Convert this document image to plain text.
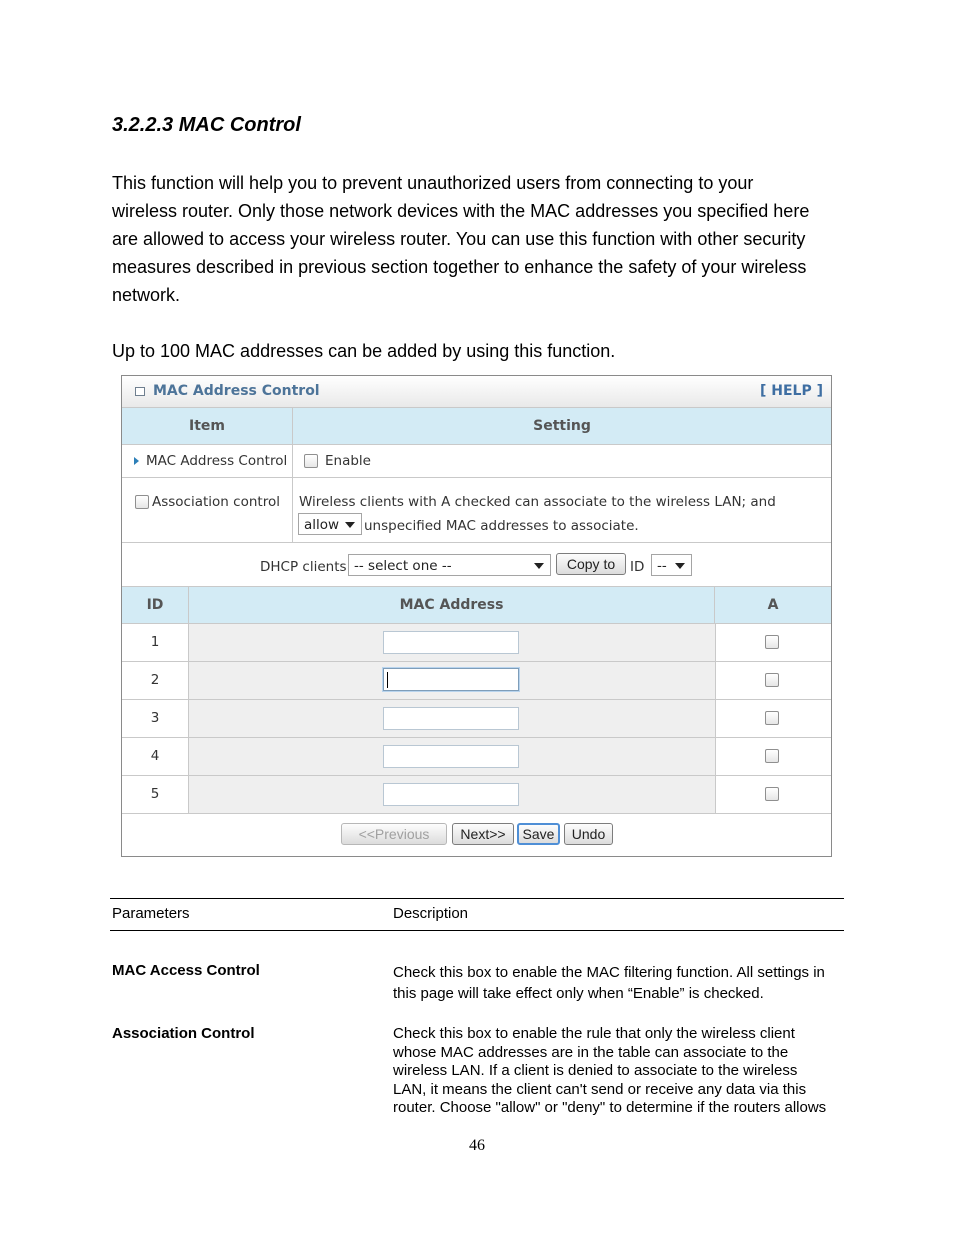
3.2.2.3 MAC Control
This function will help you to prevent unauthorized users from connecting to your
wireless router. Only those network devices with the MAC addresses you specified here
are allowed to access your wireless router. You can use this function with other security
measures described in previous section together to enhance the safety of your wireless
network.
Up to 100 MAC addresses can be added by using this function.
MAC Address Control	[ HELP ]
Item	Setting
MAC Address Control	Enable
Association control Wireless clients with A checked can associate to the wireless LAN; and
allow	unspecified MAC addresses to associate.
DHCP clients -- select one --	Copy to	ID --
ID	MAC Address	A
1
2
3
4
5
<<Previous	Next>>	Save	Undo
Parameters	Description
MAC Access Control	Check this box to enable the MAC filtering function. All settings in
this page will take effect only when “Enable” is checked.
Association Control	Check this box to enable the rule that only the wireless client
whose MAC addresses are in the table can associate to the
wireless LAN. If a client is denied to associate to the wireless
LAN, it means the client can't send or receive any data via this
router. Choose "allow" or "deny" to determine if the routers allows
46
